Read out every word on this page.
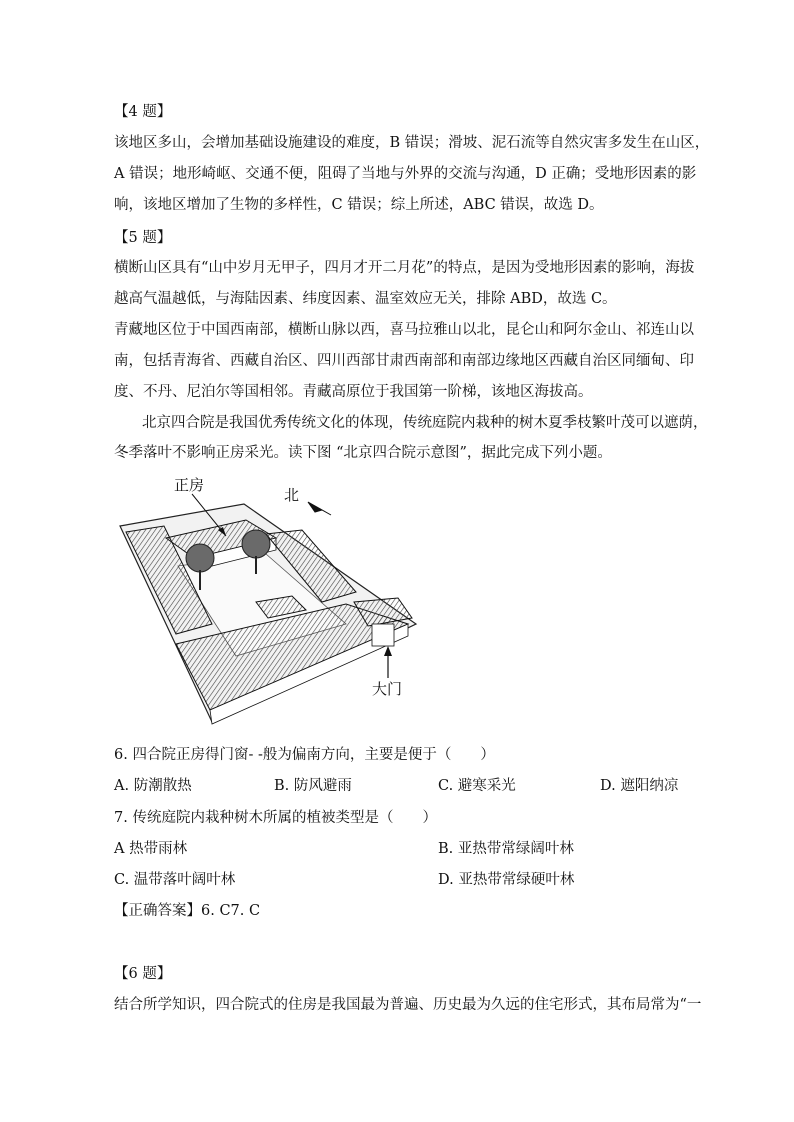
【4 题】
该地区多山，会增加基础设施建设的难度，B 错误；滑坡、泥石流等自然灾害多发生在山区，
A 错误；地形崎岖、交通不便，阻碍了当地与外界的交流与沟通，D 正确；受地形因素的影
响，该地区增加了生物的多样性，C 错误；综上所述，ABC 错误，故选 D。
【5 题】
横断山区具有“山中岁月无甲子，四月才开二月花”的特点，是因为受地形因素的影响，海拔
越高气温越低，与海陆因素、纬度因素、温室效应无关，排除 ABD，故选 C。
青藏地区位于中国西南部，横断山脉以西，喜马拉雅山以北，昆仑山和阿尔金山、祁连山以
南，包括青海省、西藏自治区、四川西部甘肃西南部和南部边缘地区西藏自治区同缅甸、印
度、不丹、尼泊尔等国相邻。青藏高原位于我国第一阶梯，该地区海拔高。
北京四合院是我国优秀传统文化的体现，传统庭院内栽种的树木夏季枝繁叶茂可以遮荫，
冬季落叶不影响正房采光。读下图 “北京四合院示意图”，据此完成下列小题。
正房
北
大门
6. 四合院正房得门窗- -般为偏南方向，主要是便于（　　）
A. 防潮散热	B. 防风避雨	C. 避寒采光	D. 遮阳纳凉
7. 传统庭院内栽种树木所属的植被类型是（　　）
A 热带雨林	B. 亚热带常绿阔叶林
C. 温带落叶阔叶林	D. 亚热带常绿硬叶林
【正确答案】6. C7. C
【6 题】
结合所学知识，四合院式的住房是我国最为普遍、历史最为久远的住宅形式，其布局常为“一
